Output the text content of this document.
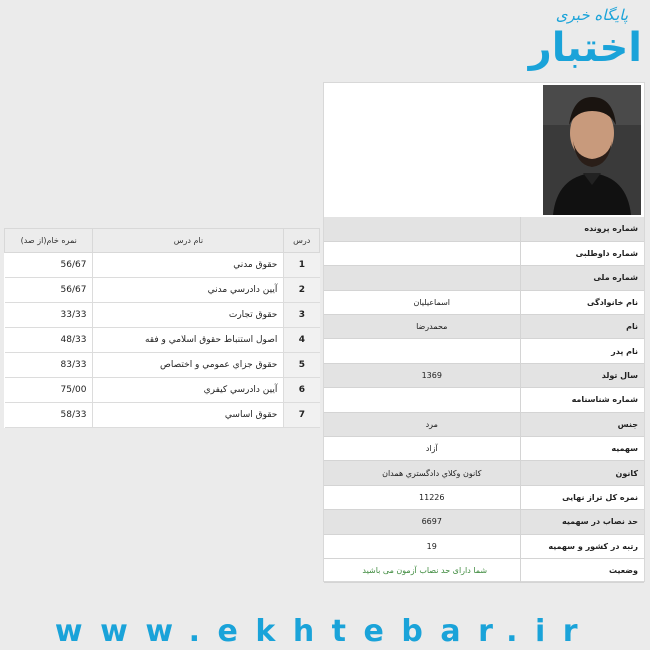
پایگاه خبری
اختبار
درس	نام درس	نمره خام(از صد)
1	حقوق مدني	56/67
2	آيين دادرسي مدني	56/67
3	حقوق تجارت	33/33
4	اصول استنباط حقوق اسلامي و فقه	48/33
5	حقوق جزاي عمومي و اختصاص	83/33
6	آيين دادرسي كيفري	75/00
7	حقوق اساسي	58/33
شماره پرونده	
شماره داوطلبی	
شماره ملی	
نام خانوادگی	اسماعیلیان
نام	محمدرضا
نام پدر	
سال تولد	1369
شماره شناسنامه	
جنس	مرد
سهمیه	آزاد
کانون	كانون وكلاي دادگستري همدان
نمره کل تراز نهایی	11226
حد نصاب در سهمیه	6697
رتبه در کشور و سهمیه	19
وضعیت	شما دارای حد نصاب آزمون می باشید
www.ekhtebar.ir
